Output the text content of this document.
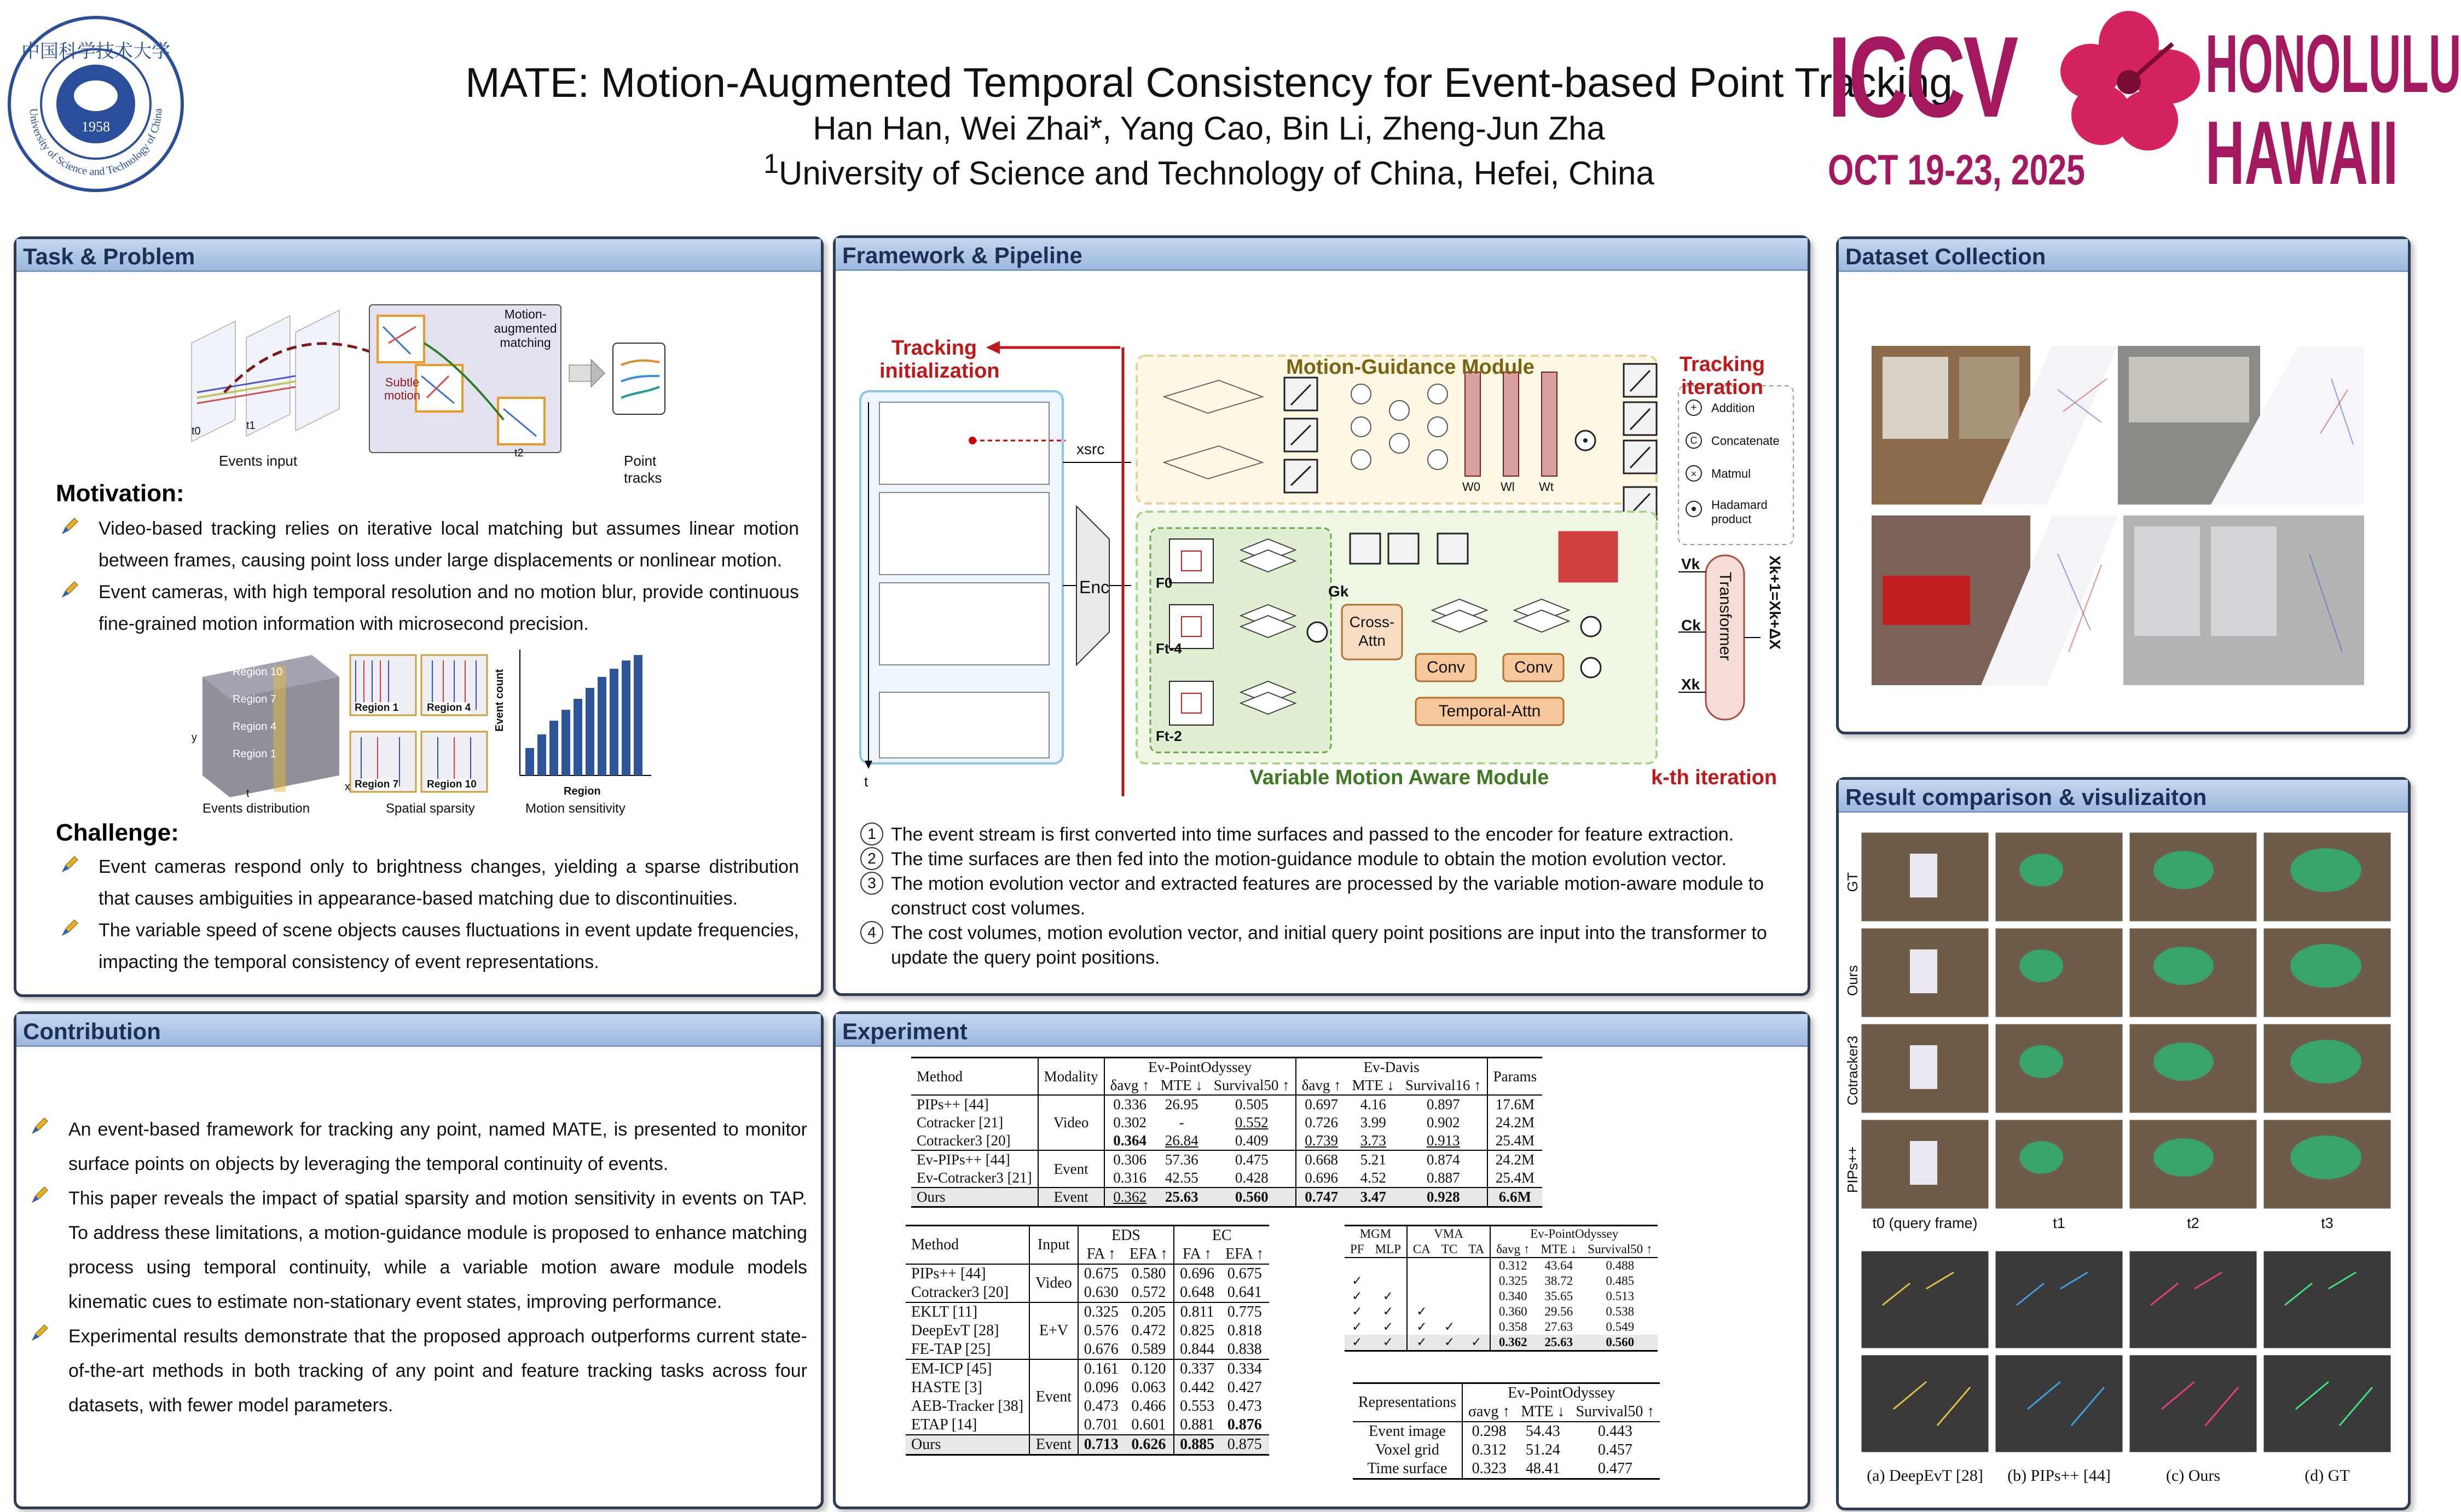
1958
University of Science and Technology of China
中国科学技术大学
MATE: Motion-Augmented Temporal Consistency for Event-based Point Tracking
Han Han, Wei Zhai*, Yang Cao, Bin Li, Zheng-Jun Zha
$^1$University of Science and Technology of China, Hefei, China
ICCV
OCT 19-23, 2025
HONOLULU
HAWAII
Task & Problem
Motion-augmented matching
Subtle motion
Events input	Point tracks
t0	t1
t2
Motivation:
Video-based tracking relies on iterative local matching but assumes linear motion between frames, causing point loss under large displacements or nonlinear motion.
Event cameras, with high temporal resolution and no motion blur, provide continuous fine-grained motion information with microsecond precision.
Region 10
Region 7
Region 4
Region 1
Region 1	Region 4
Region 7	Region 10
Events distribution	Spatial sparsity	Motion sensitivity
Region
Event count
y
t
x
Challenge:
Event cameras respond only to brightness changes, yielding a sparse distribution that causes ambiguities in appearance-based matching due to discontinuities.
The variable speed of scene objects causes fluctuations in event update frequencies, impacting the temporal consistency of event representations.
Contribution
An event-based framework for tracking any point, named MATE, is presented to monitor surface points on objects by leveraging the temporal continuity of events.
This paper reveals the impact of spatial sparsity and motion sensitivity in events on TAP. To address these limitations, a motion-guidance module is proposed to enhance matching process using temporal continuity, while a variable motion aware module models kinematic cues to estimate non-stationary event states, improving performance.
Experimental results demonstrate that the proposed approach outperforms current state-of-the-art methods in both tracking of any point and feature tracking tasks across four datasets, with fewer model parameters.
Framework & Pipeline
+
C
×
Tracking initialization	Tracking iteration
Motion-Guidance Module
Variable Motion Aware Module	k-th iteration
Enc
xsrc
Cross-Attn
Conv	Conv
Temporal-Attn
Transformer
Vk
Ck
Xk
Gk	Xk+1=Xk+ΔX
t
W0 Wl Wt
F0
Ft-4
Ft-2
Addition
Concatenate
Matmul
Hadamard product
1 The event stream is first converted into time surfaces and passed to the encoder for feature extraction.
2 The time surfaces are then fed into the motion-guidance module to obtain the motion evolution vector.
3 The motion evolution vector and extracted features are processed by the variable motion-aware module to construct cost volumes.
4 The cost volumes, motion evolution vector, and initial query point positions are input into the transformer to update the query point positions.
Experiment
Method	Modality	Ev-PointOdyssey			Ev-Davis			Params
		δavg ↑	MTE ↓	Survival50 ↑	δavg ↑	MTE ↓	Survival16 ↑	
PIPs++ [44]	Video	0.336	26.95	0.505	0.697	4.16	0.897	17.6M
Cotracker [21]		0.302	-	0.552	0.726	3.99	0.902	24.2M
Cotracker3 [20]		0.364	26.84	0.409	0.739	3.73	0.913	25.4M
Ev-PIPs++ [44]	Event	0.306	57.36	0.475	0.668	5.21	0.874	24.2M
Ev-Cotracker3 [21]		0.316	42.55	0.428	0.696	4.52	0.887	25.4M
Ours	Event	0.362	25.63	0.560	0.747	3.47	0.928	6.6M
Method	Input	EDS		EC	
		FA ↑	EFA ↑	FA ↑	EFA ↑
PIPs++ [44]	Video	0.675	0.580	0.696	0.675
Cotracker3 [20]		0.630	0.572	0.648	0.641
EKLT [11]	E+V	0.325	0.205	0.811	0.775
DeepEvT [28]		0.576	0.472	0.825	0.818
FE-TAP [25]		0.676	0.589	0.844	0.838
EM-ICP [45]	Event	0.161	0.120	0.337	0.334
HASTE [3]		0.096	0.063	0.442	0.427
AEB-Tracker [38]		0.473	0.466	0.553	0.473
ETAP [14]		0.701	0.601	0.881	0.876
Ours	Event	0.713	0.626	0.885	0.875
MGM		VMA			Ev-PointOdyssey		
PF	MLP	CA	TC	TA	δavg ↑	MTE ↓	Survival50 ↑
					0.312	43.64	0.488
✓					0.325	38.72	0.485
✓	✓				0.340	35.65	0.513
✓	✓	✓			0.360	29.56	0.538
✓	✓	✓	✓		0.358	27.63	0.549
✓	✓	✓	✓	✓	0.362	25.63	0.560
Representations	Ev-PointOdyssey		
	σavg ↑	MTE ↓	Survival50 ↑
Event image	0.298	54.43	0.443
Voxel grid	0.312	51.24	0.457
Time surface	0.323	48.41	0.477
Dataset Collection
Result comparison & visulizaiton
GT
Ours
Cotracker3
PIPs++
t0 (query frame)	t1	t2	t3
(a) DeepEvT [28]	(b) PIPs++ [44]	(c) Ours	(d) GT
